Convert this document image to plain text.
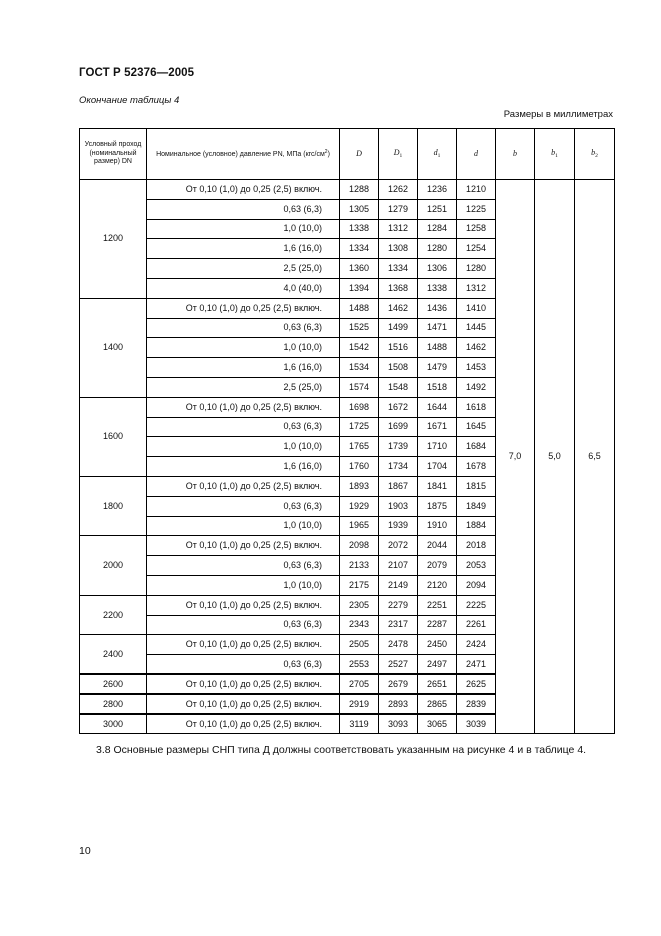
ГОСТ Р 52376—2005
Окончание таблицы 4
Размеры в миллиметрах
Условный проход (номинальный размер) DN	Номинальное (условное) давление PN, МПа $(кгс/см^2)$	D	$D_1$	$d_1$	d	b	$b_1$	$b_2$
1200	От 0,10 (1,0) до 0,25 (2,5) включ.	1288	1262	1236	1210	7,0	5,0	6,5
	0,63 (6,3)	1305	1279	1251	1225			
	1,0 (10,0)	1338	1312	1284	1258			
	1,6 (16,0)	1334	1308	1280	1254			
	2,5 (25,0)	1360	1334	1306	1280			
	4,0 (40,0)	1394	1368	1338	1312			
1400	От 0,10 (1,0) до 0,25 (2,5) включ.	1488	1462	1436	1410			
	0,63 (6,3)	1525	1499	1471	1445			
	1,0 (10,0)	1542	1516	1488	1462			
	1,6 (16,0)	1534	1508	1479	1453			
	2,5 (25,0)	1574	1548	1518	1492			
1600	От 0,10 (1,0) до 0,25 (2,5) включ.	1698	1672	1644	1618			
	0,63 (6,3)	1725	1699	1671	1645			
	1,0 (10,0)	1765	1739	1710	1684			
	1,6 (16,0)	1760	1734	1704	1678			
1800	От 0,10 (1,0) до 0,25 (2,5) включ.	1893	1867	1841	1815			
	0,63 (6,3)	1929	1903	1875	1849			
	1,0 (10,0)	1965	1939	1910	1884			
2000	От 0,10 (1,0) до 0,25 (2,5) включ.	2098	2072	2044	2018			
	0,63 (6,3)	2133	2107	2079	2053			
	1,0 (10,0)	2175	2149	2120	2094			
2200	От 0,10 (1,0) до 0,25 (2,5) включ.	2305	2279	2251	2225			
	0,63 (6,3)	2343	2317	2287	2261			
2400	От 0,10 (1,0) до 0,25 (2,5) включ.	2505	2478	2450	2424			
	0,63 (6,3)	2553	2527	2497	2471			
2600	От 0,10 (1,0) до 0,25 (2,5) включ.	2705	2679	2651	2625			
2800	От 0,10 (1,0) до 0,25 (2,5) включ.	2919	2893	2865	2839			
3000	От 0,10 (1,0) до 0,25 (2,5) включ.	3119	3093	3065	3039			
3.8 Основные размеры СНП типа Д должны соответствовать указанным на рисунке 4 и в таблице 4.
10
